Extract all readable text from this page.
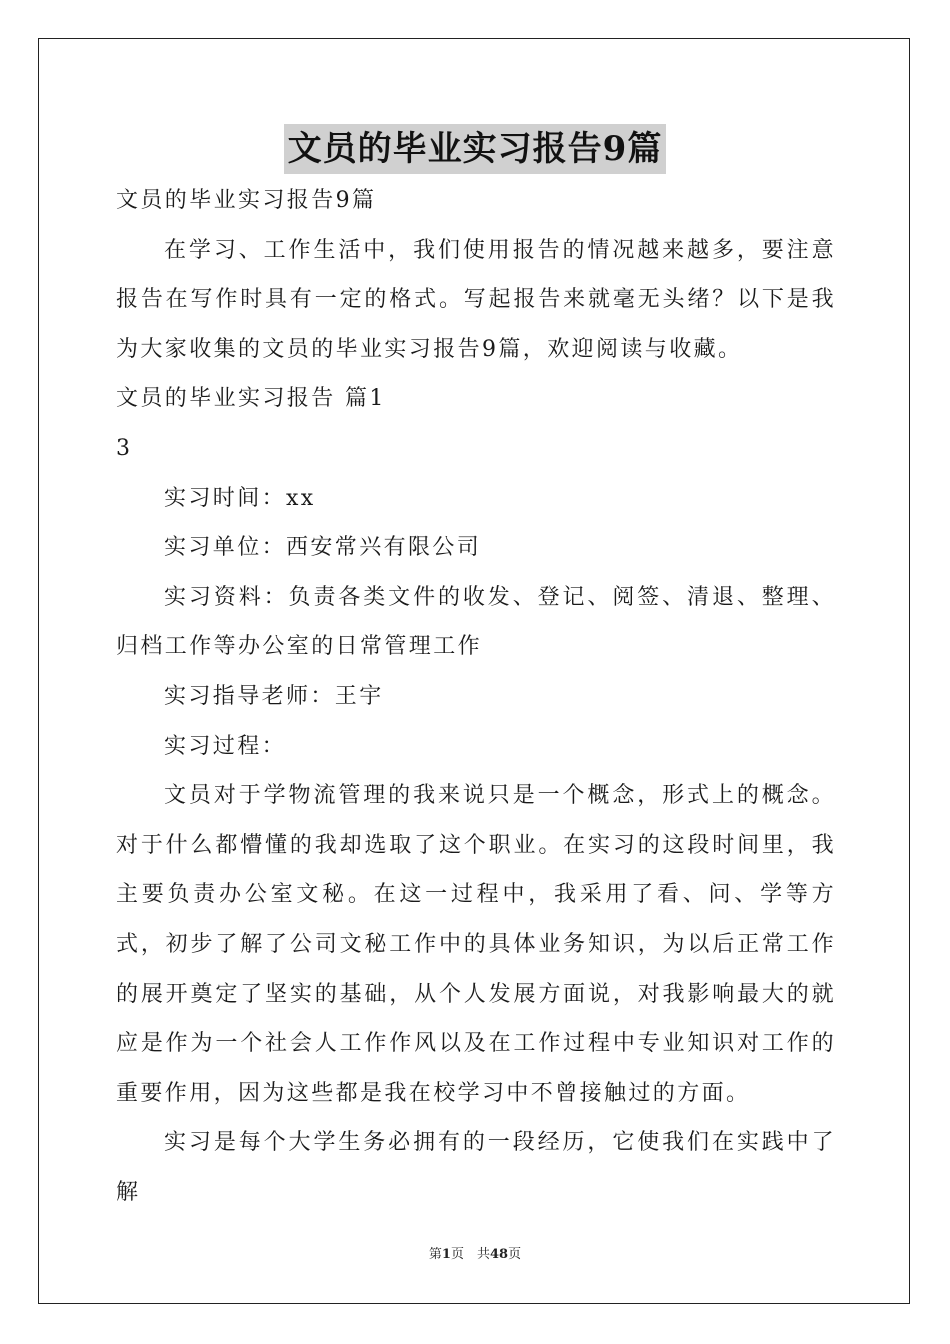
文员的毕业实习报告9篇

文员的毕业实习报告9篇

在学习、工作生活中，我们使用报告的情况越来越多，要注意报告在写作时具有一定的格式。写起报告来就毫无头绪？以下是我为大家收集的文员的毕业实习报告9篇，欢迎阅读与收藏。

文员的毕业实习报告 篇1

3

实习时间：xx

实习单位：西安常兴有限公司

实习资料：负责各类文件的收发、登记、阅签、清退、整理、归档工作等办公室的日常管理工作

实习指导老师：王宇

实习过程：

文员对于学物流管理的我来说只是一个概念，形式上的概念。对于什么都懵懂的我却选取了这个职业。在实习的这段时间里，我主要负责办公室文秘。在这一过程中，我采用了看、问、学等方式，初步了解了公司文秘工作中的具体业务知识，为以后正常工作的展开奠定了坚实的基础，从个人发展方面说，对我影响最大的就应是作为一个社会人工作作风以及在工作过程中专业知识对工作的重要作用，因为这些都是我在校学习中不曾接触过的方面。

实习是每个大学生务必拥有的一段经历，它使我们在实践中了解

第1页　共48页
